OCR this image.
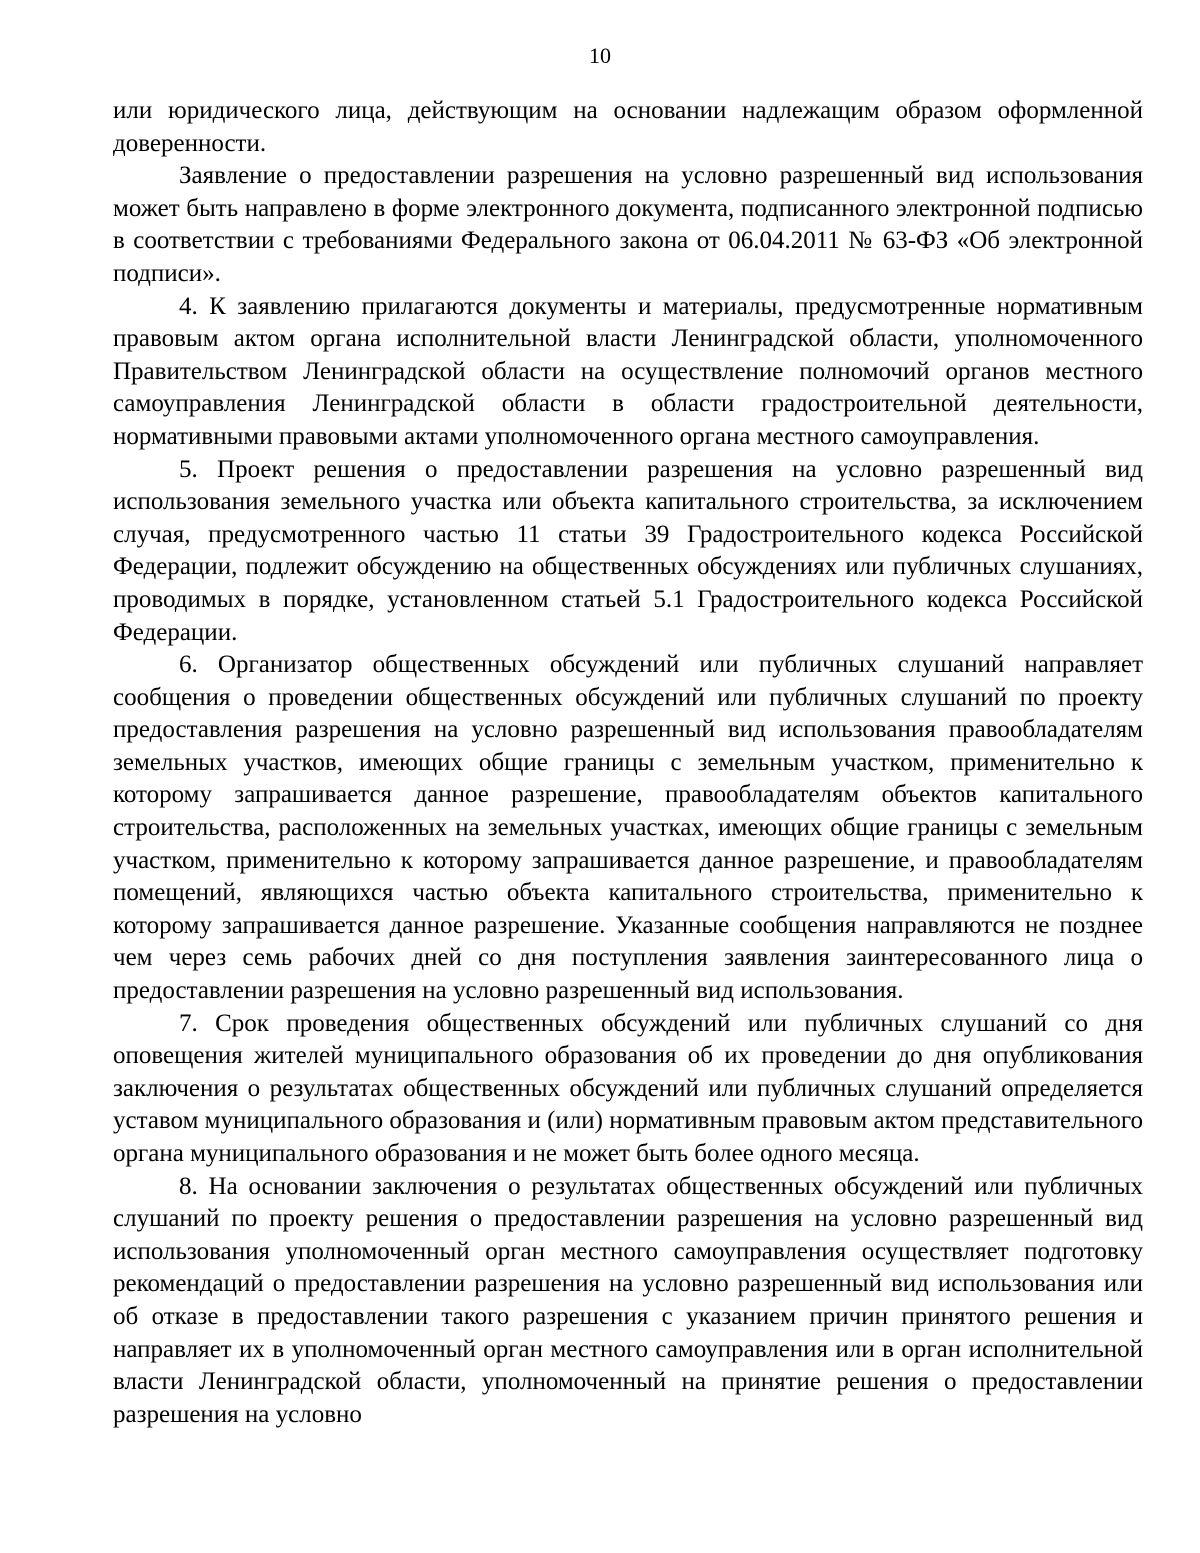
10

или юридического лица, действующим на основании надлежащим образом оформленной доверенности.

Заявление о предоставлении разрешения на условно разрешенный вид использования может быть направлено в форме электронного документа, подписанного электронной подписью в соответствии с требованиями Федерального закона от 06.04.2011 № 63-ФЗ «Об электронной подписи».

4. К заявлению прилагаются документы и материалы, предусмотренные нормативным правовым актом органа исполнительной власти Ленинградской области, уполномоченного Правительством Ленинградской области на осуществление полномочий органов местного самоуправления Ленинградской области в области градостроительной деятельности, нормативными правовыми актами уполномоченного органа местного самоуправления.

5. Проект решения о предоставлении разрешения на условно разрешенный вид использования земельного участка или объекта капитального строительства, за исключением случая, предусмотренного частью 11 статьи 39 Градостроительного кодекса Российской Федерации, подлежит обсуждению на общественных обсуждениях или публичных слушаниях, проводимых в порядке, установленном статьей 5.1 Градостроительного кодекса Российской Федерации.

6. Организатор общественных обсуждений или публичных слушаний направляет сообщения о проведении общественных обсуждений или публичных слушаний по проекту предоставления разрешения на условно разрешенный вид использования правообладателям земельных участков, имеющих общие границы с земельным участком, применительно к которому запрашивается данное разрешение, правообладателям объектов капитального строительства, расположенных на земельных участках, имеющих общие границы с земельным участком, применительно к которому запрашивается данное разрешение, и правообладателям помещений, являющихся частью объекта капитального строительства, применительно к которому запрашивается данное разрешение. Указанные сообщения направляются не позднее чем через семь рабочих дней со дня поступления заявления заинтересованного лица о предоставлении разрешения на условно разрешенный вид использования.

7. Срок проведения общественных обсуждений или публичных слушаний со дня оповещения жителей муниципального образования об их проведении до дня опубликования заключения о результатах общественных обсуждений или публичных слушаний определяется уставом муниципального образования и (или) нормативным правовым актом представительного органа муниципального образования и не может быть более одного месяца.

8. На основании заключения о результатах общественных обсуждений или публичных слушаний по проекту решения о предоставлении разрешения на условно разрешенный вид использования уполномоченный орган местного самоуправления осуществляет подготовку рекомендаций о предоставлении разрешения на условно разрешенный вид использования или об отказе в предоставлении такого разрешения с указанием причин принятого решения и направляет их в уполномоченный орган местного самоуправления или в орган исполнительной власти Ленинградской области, уполномоченный на принятие решения о предоставлении разрешения на условно
